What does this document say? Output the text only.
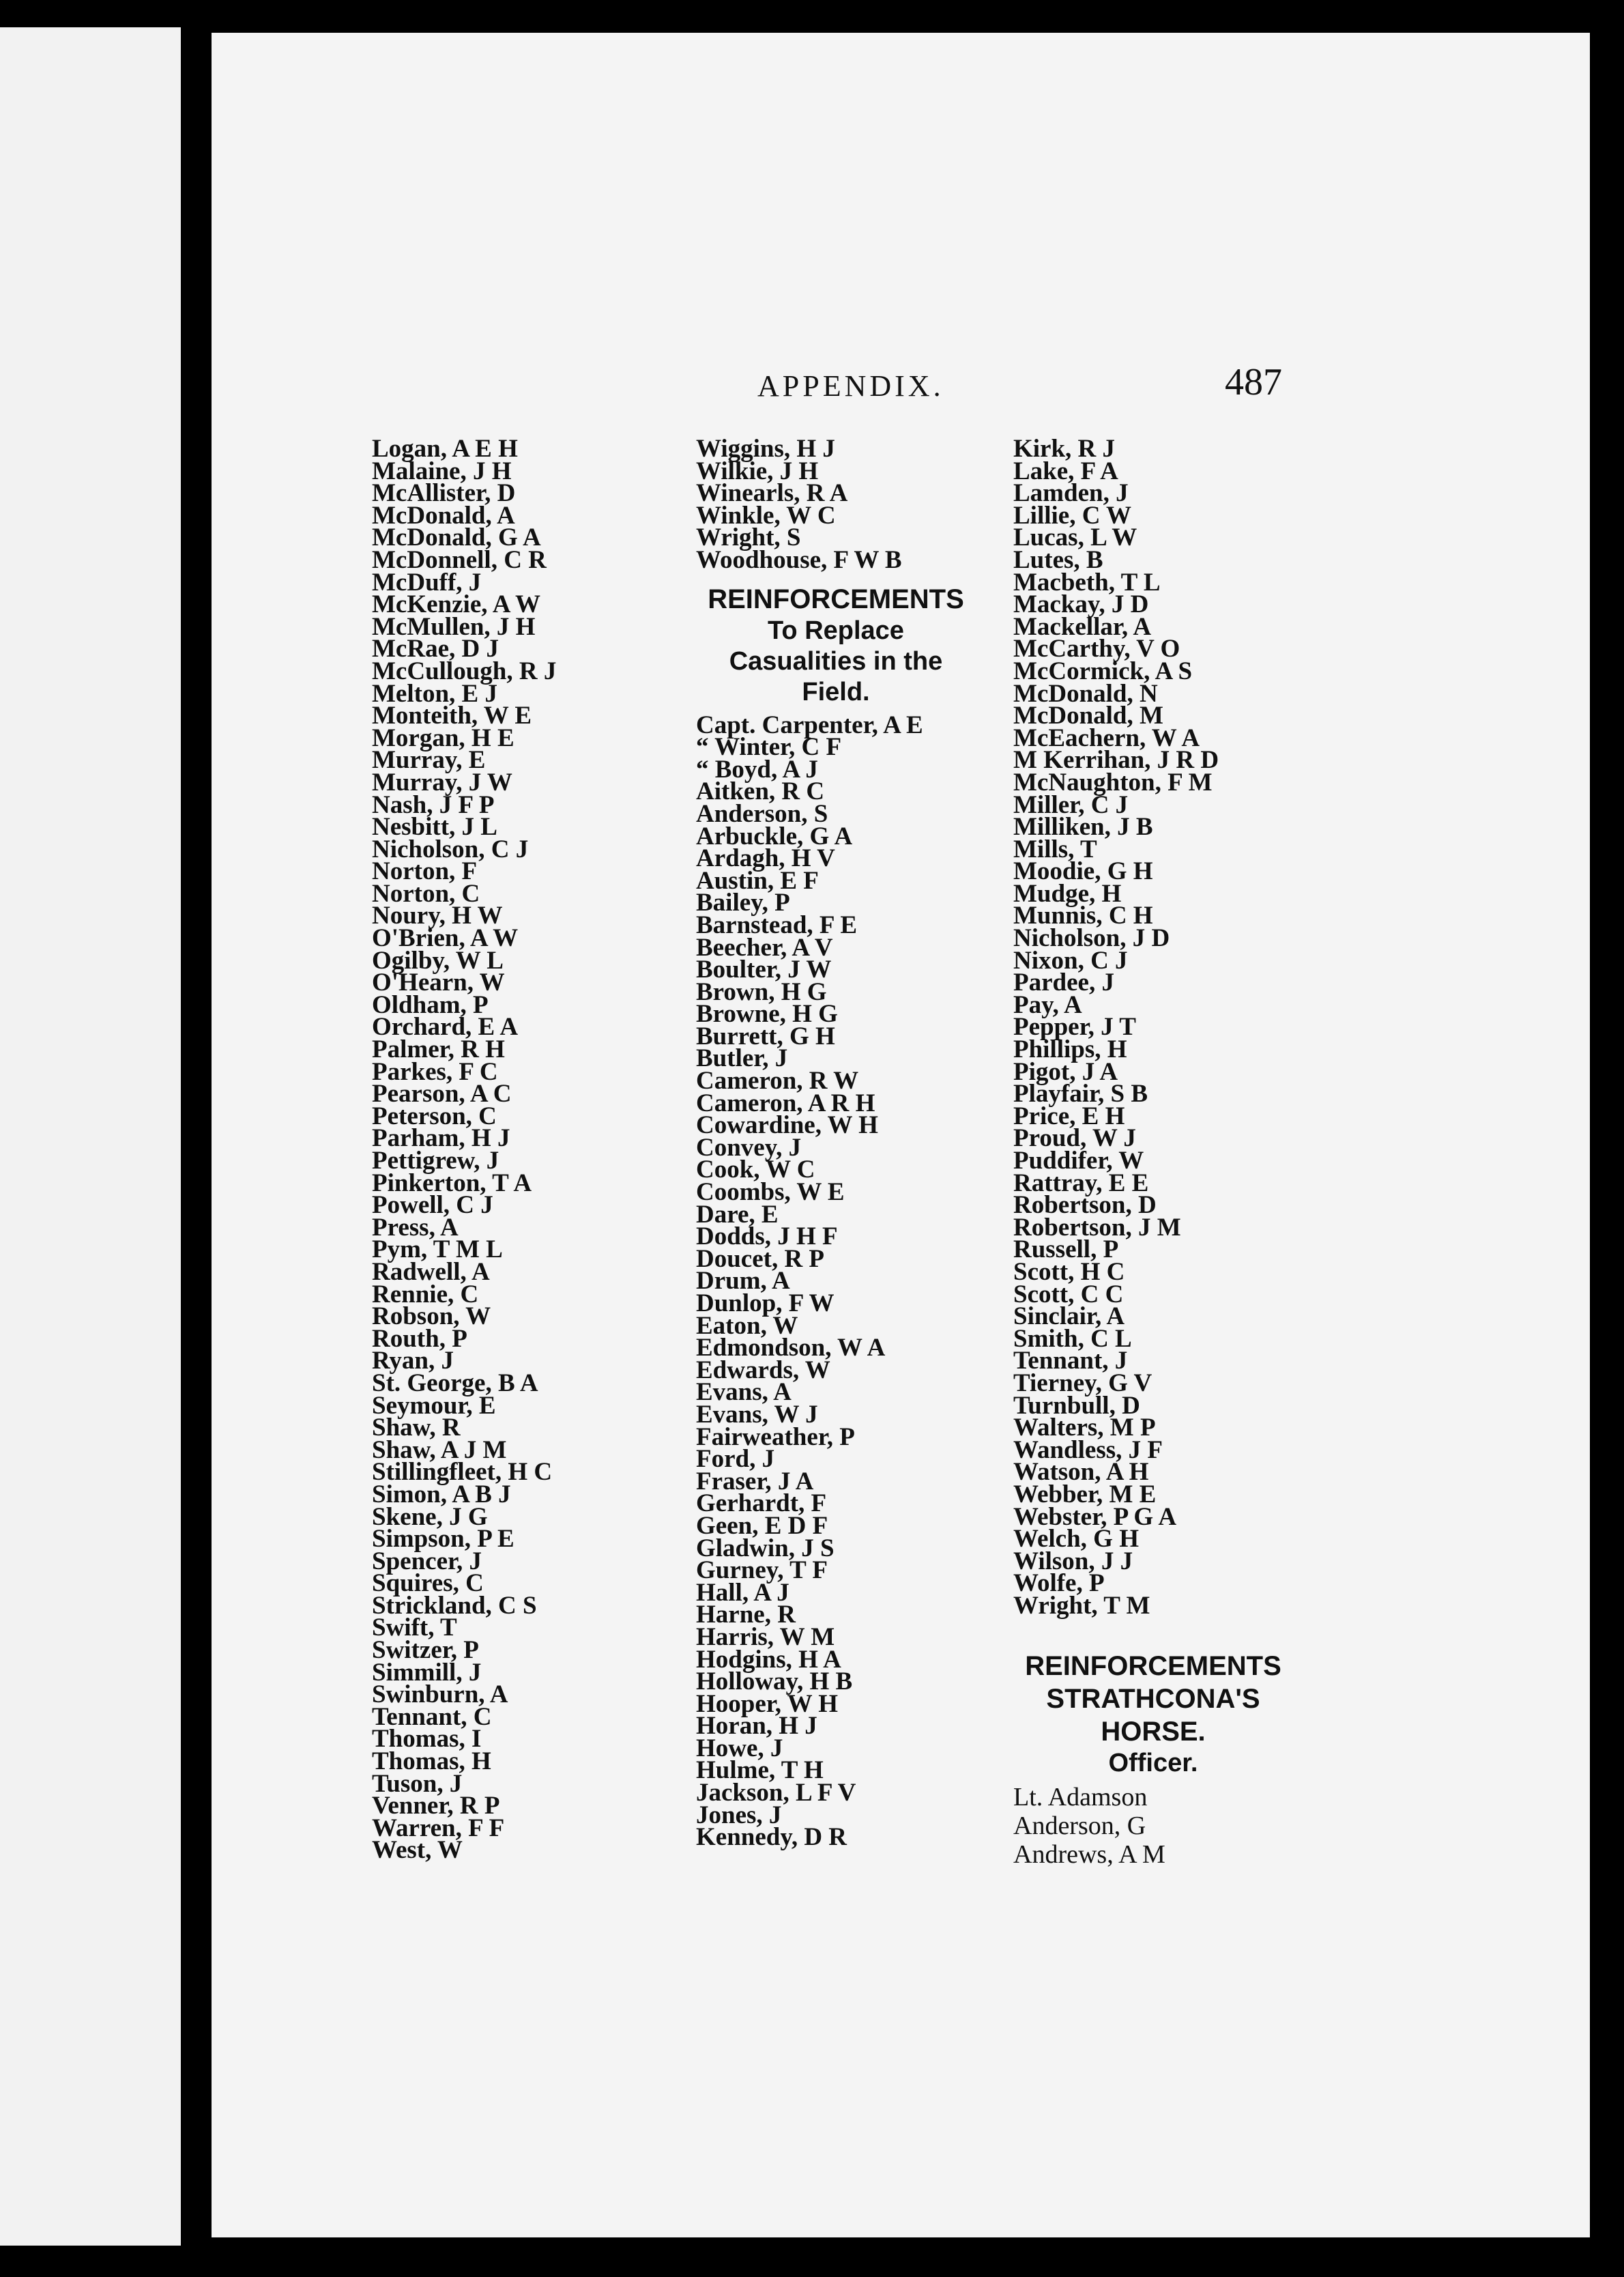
APPENDIX.	487
Logan, A E H
Malaine, J H
McAllister, D
McDonald, A
McDonald, G A
McDonnell, C R
McDuff, J
McKenzie, A W
McMullen, J H
McRae, D J
McCullough, R J
Melton, E J
Monteith, W E
Morgan, H E
Murray, E
Murray, J W
Nash, J F P
Nesbitt, J L
Nicholson, C J
Norton, F
Norton, C
Noury, H W
O'Brien, A W
Ogilby, W L
O'Hearn, W
Oldham, P
Orchard, E A
Palmer, R H
Parkes, F C
Pearson, A C
Peterson, C
Parham, H J
Pettigrew, J
Pinkerton, T A
Powell, C J
Press, A
Pym, T M L
Radwell, A
Rennie, C
Robson, W
Routh, P
Ryan, J
St. George, B A
Seymour, E
Shaw, R
Shaw, A J M
Stillingfleet, H C
Simon, A B J
Skene, J G
Simpson, P E
Spencer, J
Squires, C
Strickland, C S
Swift, T
Switzer, P
Simmill, J
Swinburn, A
Tennant, C
Thomas, I
Thomas, H
Tuson, J
Venner, R P
Warren, F F
West, W
Wiggins, H J
Wilkie, J H
Winearls, R A
Winkle, W C
Wright, S
Woodhouse, F W B
REINFORCEMENTS
To Replace
Casualities in the
Field.
Capt. Carpenter, A E
“ Winter, C F
“ Boyd, A J
Aitken, R C
Anderson, S
Arbuckle, G A
Ardagh, H V
Austin, E F
Bailey, P
Barnstead, F E
Beecher, A V
Boulter, J W
Brown, H G
Browne, H G
Burrett, G H
Butler, J
Cameron, R W
Cameron, A R H
Cowardine, W H
Convey, J
Cook, W C
Coombs, W E
Dare, E
Dodds, J H F
Doucet, R P
Drum, A
Dunlop, F W
Eaton, W
Edmondson, W A
Edwards, W
Evans, A
Evans, W J
Fairweather, P
Ford, J
Fraser, J A
Gerhardt, F
Geen, E D F
Gladwin, J S
Gurney, T F
Hall, A J
Harne, R
Harris, W M
Hodgins, H A
Holloway, H B
Hooper, W H
Horan, H J
Howe, J
Hulme, T H
Jackson, L F V
Jones, J
Kennedy, D R
Kirk, R J
Lake, F A
Lamden, J
Lillie, C W
Lucas, L W
Lutes, B
Macbeth, T L
Mackay, J D
Mackellar, A
McCarthy, V O
McCormick, A S
McDonald, N
McDonald, M
McEachern, W A
M Kerrihan, J R D
McNaughton, F M
Miller, C J
Milliken, J B
Mills, T
Moodie, G H
Mudge, H
Munnis, C H
Nicholson, J D
Nixon, C J
Pardee, J
Pay, A
Pepper, J T
Phillips, H
Pigot, J A
Playfair, S B
Price, E H
Proud, W J
Puddifer, W
Rattray, E E
Robertson, D
Robertson, J M
Russell, P
Scott, H C
Scott, C C
Sinclair, A
Smith, C L
Tennant, J
Tierney, G V
Turnbull, D
Walters, M P
Wandless, J F
Watson, A H
Webber, M E
Webster, P G A
Welch, G H
Wilson, J J
Wolfe, P
Wright, T M
REINFORCEMENTS
STRATHCONA'S
HORSE.
Officer.
Lt. Adamson
Anderson, G
Andrews, A M
